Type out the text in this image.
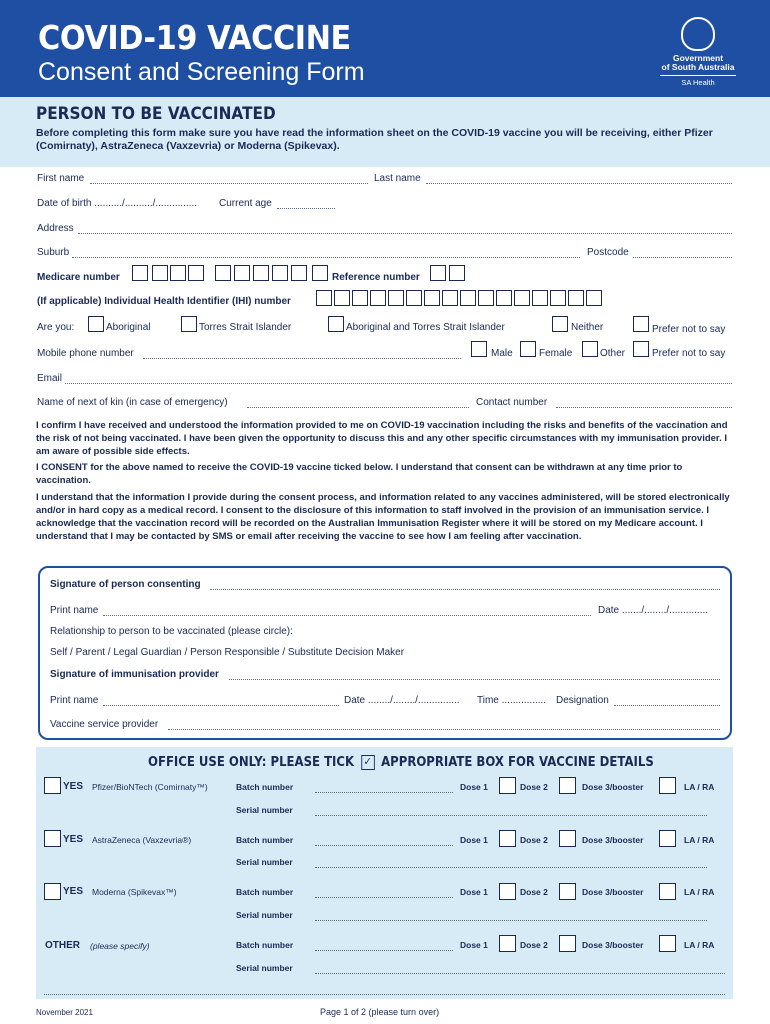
COVID-19 VACCINE
Consent and Screening Form	Government
of South Australia
SA Health
PERSON TO BE VACCINATED
Before completing this form make sure you have read the information sheet on the COVID-19 vaccine you will be receiving, either Pfizer (Comirnaty), AstraZeneca (Vaxzevria) or Moderna (Spikevax).
First name	Last name
Date of birth ........../........../............... Current age
Address
Suburb	Postcode
Medicare number	Reference number
(If applicable) Individual Health Identifier (IHI) number
Are you:	Aboriginal	Torres Strait Islander	Aboriginal and Torres Strait Islander	Neither	Prefer not to say
Mobile phone number	Male	Female	Other	Prefer not to say
Email
Name of next of kin (in case of emergency)	Contact number
I confirm I have received and understood the information provided to me on COVID-19 vaccination including the risks and benefits of the vaccination and the risk of not being vaccinated. I have been given the opportunity to discuss this and any other specific circumstances with my immunisation provider. I am aware of possible side effects.
I CONSENT for the above named to receive the COVID-19 vaccine ticked below. I understand that consent can be withdrawn at any time prior to vaccination.
I understand that the information I provide during the consent process, and information related to any vaccines administered, will be stored electronically and/or in hard copy as a medical record. I consent to the disclosure of this information to staff involved in the provision of an immunisation service. I acknowledge that the vaccination record will be recorded on the Australian Immunisation Register where it will be stored on my Medicare account. I understand that I may be contacted by SMS or email after receiving the vaccine to see how I am feeling after vaccination.
Signature of person consenting
Print name	Date ......./......../..............
Relationship to person to be vaccinated (please circle):
Self / Parent / Legal Guardian / Person Responsible / Substitute Decision Maker
Signature of immunisation provider
Print name	Date ......../......../............... Time ................ Designation
Vaccine service provider
OFFICE USE ONLY: PLEASE TICK ✓ APPROPRIATE BOX FOR VACCINE DETAILS
YES Pfizer/BioNTech (Comirnaty™)	Batch number	Dose 1	Dose 2	Dose 3/booster	LA / RA
Serial number
YES AstraZeneca (Vaxzevria®)	Batch number	Dose 1	Dose 2	Dose 3/booster	LA / RA
Serial number
YES Moderna (Spikevax™)	Batch number	Dose 1	Dose 2	Dose 3/booster	LA / RA
Serial number
OTHER (please specify)	Batch number	Dose 1	Dose 2	Dose 3/booster	LA / RA
Serial number
November 2021	Page 1 of 2 (please turn over)
